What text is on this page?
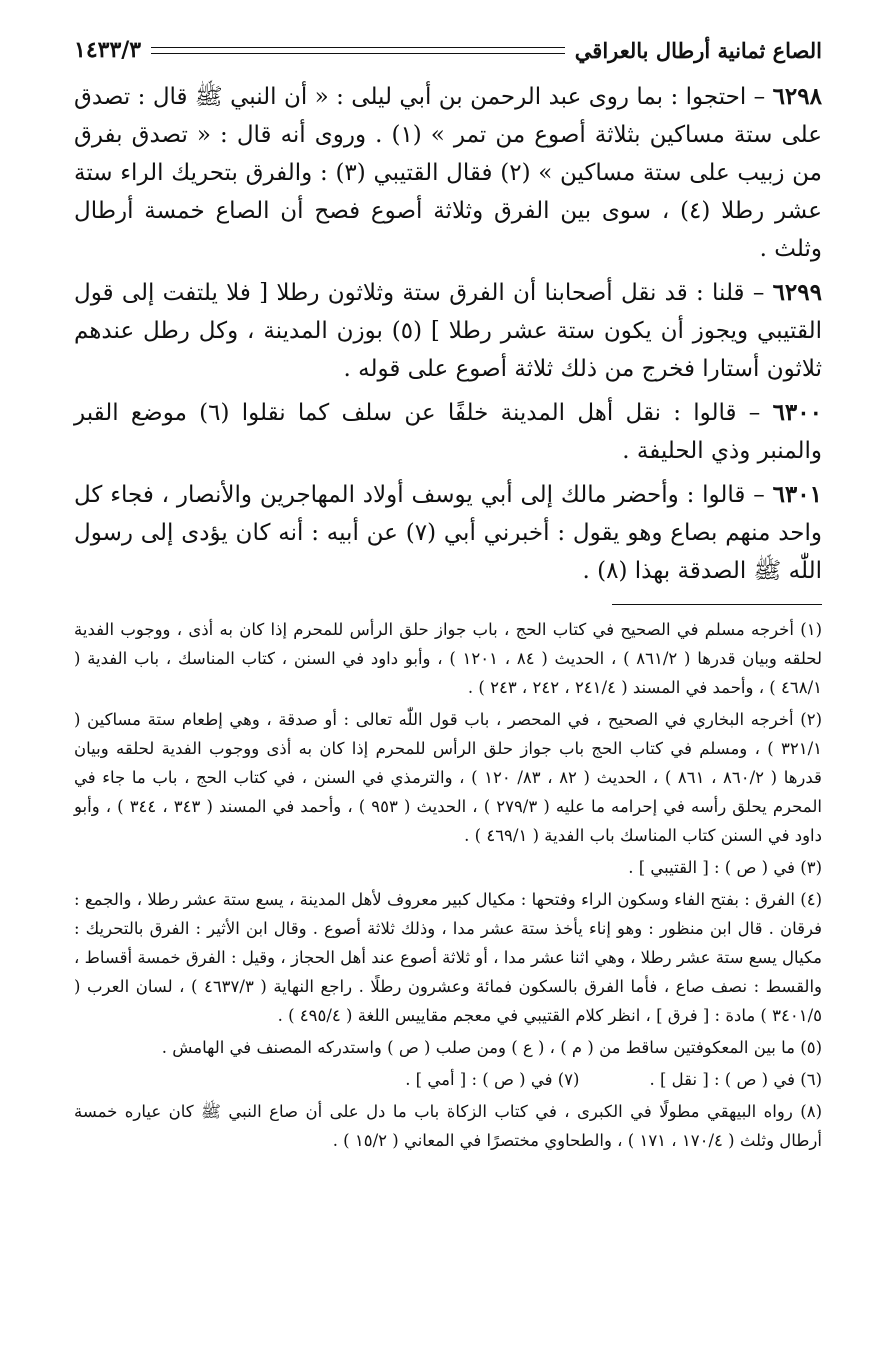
الصاع ثمانية أرطال بالعراقي
١٤٣٣/٣

٦٢٩٨ – احتجوا : بما روى عبد الرحمن بن أبي ليلى : « أن النبي ﷺ قال : تصدق على ستة مساكين بثلاثة أصوع من تمر » (١) . وروى أنه قال : « تصدق بفرق من زبيب على ستة مساكين » (٢) فقال القتيبي (٣) : والفرق بتحريك الراء ستة عشر رطلا (٤) ، سوى بين الفرق وثلاثة أصوع فصح أن الصاع خمسة أرطال وثلث .

٦٢٩٩ – قلنا : قد نقل أصحابنا أن الفرق ستة وثلاثون رطلا [ فلا يلتفت إلى قول القتيبي ويجوز أن يكون ستة عشر رطلا ] (٥) بوزن المدينة ، وكل رطل عندهم ثلاثون أستارا فخرج من ذلك ثلاثة أصوع على قوله .

٦٣٠٠ – قالوا : نقل أهل المدينة خلفًا عن سلف كما نقلوا (٦) موضع القبر والمنبر وذي الحليفة .

٦٣٠١ – قالوا : وأحضر مالك إلى أبي يوسف أولاد المهاجرين والأنصار ، فجاء كل واحد منهم بصاع وهو يقول : أخبرني أبي (٧) عن أبيه : أنه كان يؤدى إلى رسول اللّٰه ﷺ الصدقة بهذا (٨) .

(١) أخرجه مسلم في الصحيح في كتاب الحج ، باب جواز حلق الرأس للمحرم إذا كان به أذى ، ووجوب الفدية لحلقه وبيان قدرها ( ٨٦١/٢ ) ، الحديث ( ٨٤ ، ١٢٠١ ) ، وأبو داود في السنن ، كتاب المناسك ، باب الفدية ( ٤٦٨/١ ) ، وأحمد في المسند ( ٢٤١/٤ ، ٢٤٢ ، ٢٤٣ ) .

(٢) أخرجه البخاري في الصحيح ، في المحصر ، باب قول اللّٰه تعالى : أو صدقة ، وهي إطعام ستة مساكين ( ٣٢١/١ ) ، ومسلم في كتاب الحج باب جواز حلق الرأس للمحرم إذا كان به أذى ووجوب الفدية لحلقه وبيان قدرها ( ٨٦٠/٢ ، ٨٦١ ) ، الحديث ( ٨٢ ، ٨٣/ ١٢٠ ) ، والترمذي في السنن ، في كتاب الحج ، باب ما جاء في المحرم يحلق رأسه في إحرامه ما عليه ( ٢٧٩/٣ ) ، الحديث ( ٩٥٣ ) ، وأحمد في المسند ( ٣٤٣ ، ٣٤٤ ) ، وأبو داود في السنن كتاب المناسك باب الفدية ( ٤٦٩/١ ) .

(٣) في ( ص ) : [ القتيبي ] .

(٤) الفرق : بفتح الفاء وسكون الراء وفتحها : مكيال كبير معروف لأهل المدينة ، يسع ستة عشر رطلا ، والجمع : فرقان . قال ابن منظور : وهو إناء يأخذ ستة عشر مدا ، وذلك ثلاثة أصوع . وقال ابن الأثير : الفرق بالتحريك : مكيال يسع ستة عشر رطلا ، وهي اثنا عشر مدا ، أو ثلاثة أصوع عند أهل الحجاز ، وقيل : الفرق خمسة أقساط ، والقسط : نصف صاع ، فأما الفرق بالسكون فمائة وعشرون رطلًا . راجع النهاية ( ٤٦٣٧/٣ ) ، لسان العرب ( ٣٤٠١/٥ ) مادة : [ فرق ] ، انظر كلام القتيبي في معجم مقاييس اللغة ( ٤٩٥/٤ ) .

(٥) ما بين المعكوفتين ساقط من ( م ) ، ( ع ) ومن صلب ( ص ) واستدركه المصنف في الهامش .

(٦) في ( ص ) : [ نقل ] .

(٧) في ( ص ) : [ أمي ] .

(٨) رواه البيهقي مطولًا في الكبرى ، في كتاب الزكاة باب ما دل على أن صاع النبي ﷺ كان عياره خمسة أرطال وثلث ( ١٧٠/٤ ، ١٧١ ) ، والطحاوي مختصرًا في المعاني ( ١٥/٢ ) .
